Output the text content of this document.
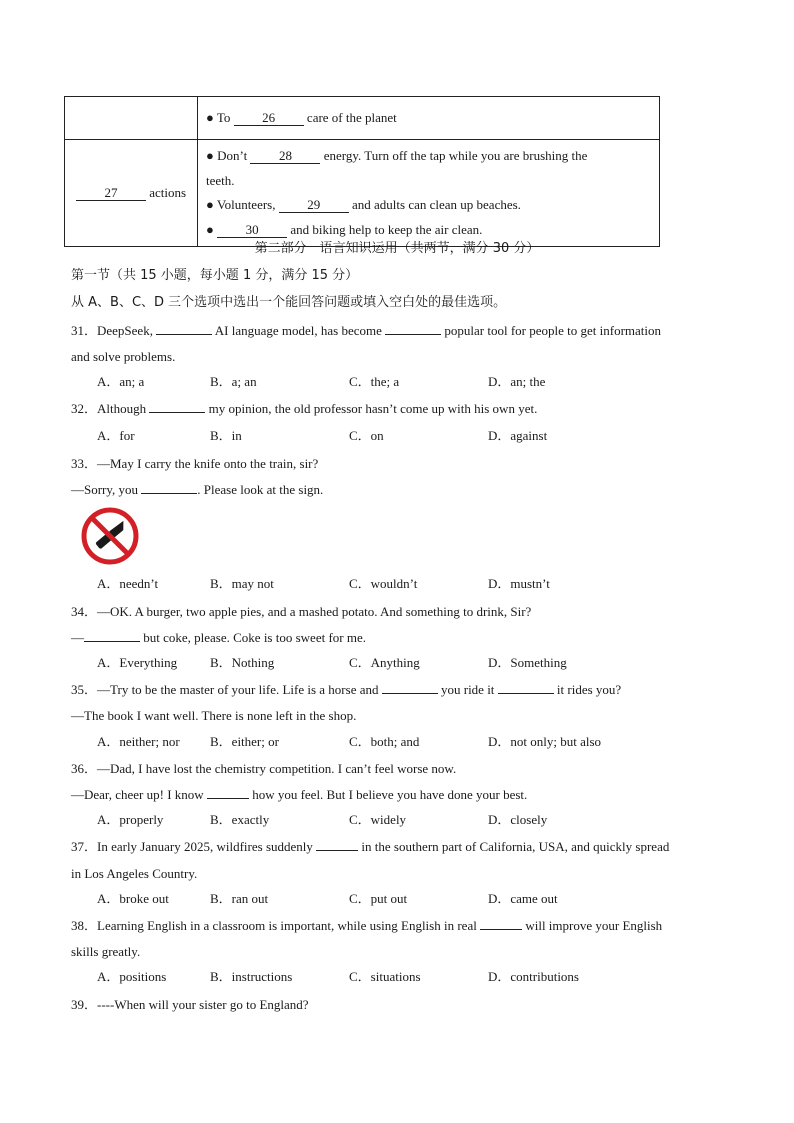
	● To 26 care of the planet

27 actions	● Don’t 28 energy. Turn off the tap while you are brushing the
teeth.
● Volunteers, 29 and adults can clean up beaches.
● 30 and biking help to keep the air clean.
第二部分　语言知识运用（共两节，满分 30 分）
第一节（共 15 小题，每小题 1 分，满分 15 分）
从 A、B、C、D 三个选项中选出一个能回答问题或填入空白处的最佳选项。
31．DeepSeek,	AI language model, has become	popular tool for people to get information
and solve problems.
A．an; a	B．a; an	C．the; a	D．an; the
32．Although	my opinion, the old professor hasn’t come up with his own yet.
A．for	B．in	C．on	D．against
33．—May I carry the knife onto the train, sir?
—Sorry, you	. Please look at the sign.
A．needn’t	B．may not	C．wouldn’t	D．mustn’t
34．—OK. A burger, two apple pies, and a mashed potato. And something to drink, Sir?
—	but coke, please. Coke is too sweet for me.
A．Everything	B．Nothing	C．Anything	D．Something
35．—Try to be the master of your life. Life is a horse and	you ride it	it rides you?
—The book I want well. There is none left in the shop.
A．neither; nor B．either; or	C．both; and	D．not only; but also
36．—Dad, I have lost the chemistry competition. I can’t feel worse now.
—Dear, cheer up! I know	how you feel. But I believe you have done your best.
A．properly	B．exactly	C．widely	D．closely
37．In early January 2025, wildfires suddenly	in the southern part of California, USA, and quickly spread
in Los Angeles Country.
A．broke out	B．ran out	C．put out	D．came out
38．Learning English in a classroom is important, while using English in real	will improve your English
skills greatly.
A．positions	B．instructions	C．situations	D．contributions
39．----When will your sister go to England?
